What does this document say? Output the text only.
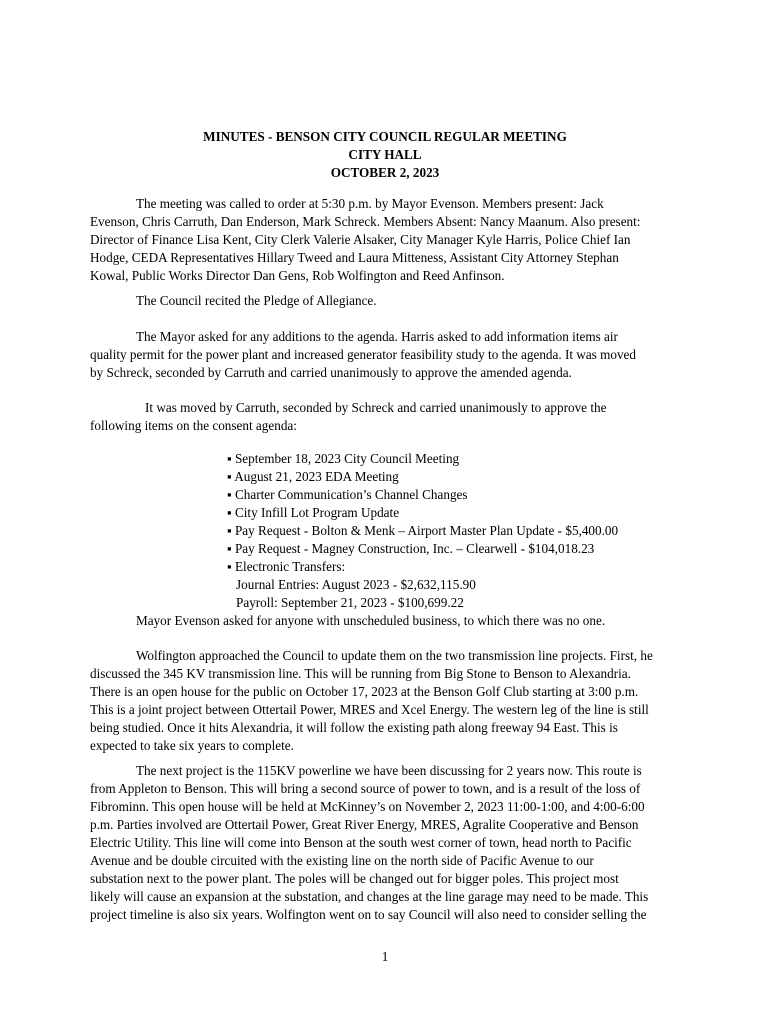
MINUTES - BENSON CITY COUNCIL REGULAR MEETING
CITY HALL
OCTOBER 2, 2023
The meeting was called to order at 5:30 p.m. by Mayor Evenson. Members present: Jack
Evenson, Chris Carruth, Dan Enderson, Mark Schreck. Members Absent: Nancy Maanum. Also present:
Director of Finance Lisa Kent, City Clerk Valerie Alsaker, City Manager Kyle Harris, Police Chief Ian
Hodge, CEDA Representatives Hillary Tweed and Laura Mitteness, Assistant City Attorney Stephan
Kowal, Public Works Director Dan Gens, Rob Wolfington and Reed Anfinson.
The Council recited the Pledge of Allegiance.
The Mayor asked for any additions to the agenda. Harris asked to add information items air
quality permit for the power plant and increased generator feasibility study to the agenda. It was moved
by Schreck, seconded by Carruth and carried unanimously to approve the amended agenda.
It was moved by Carruth, seconded by Schreck and carried unanimously to approve the
following items on the consent agenda:
▪ September 18, 2023 City Council Meeting
▪ August 21, 2023 EDA Meeting
▪ Charter Communication’s Channel Changes
▪ City Infill Lot Program Update
▪ Pay Request - Bolton & Menk – Airport Master Plan Update - $5,400.00
▪ Pay Request - Magney Construction, Inc. – Clearwell - $104,018.23
▪ Electronic Transfers:
Journal Entries: August 2023 - $2,632,115.90
Payroll: September 21, 2023 - $100,699.22
Mayor Evenson asked for anyone with unscheduled business, to which there was no one.
Wolfington approached the Council to update them on the two transmission line projects. First, he
discussed the 345 KV transmission line. This will be running from Big Stone to Benson to Alexandria.
There is an open house for the public on October 17, 2023 at the Benson Golf Club starting at 3:00 p.m.
This is a joint project between Ottertail Power, MRES and Xcel Energy. The western leg of the line is still
being studied. Once it hits Alexandria, it will follow the existing path along freeway 94 East. This is
expected to take six years to complete.
The next project is the 115KV powerline we have been discussing for 2 years now. This route is
from Appleton to Benson. This will bring a second source of power to town, and is a result of the loss of
Fibrominn. This open house will be held at McKinney’s on November 2, 2023 11:00-1:00, and 4:00-6:00
p.m. Parties involved are Ottertail Power, Great River Energy, MRES, Agralite Cooperative and Benson
Electric Utility. This line will come into Benson at the south west corner of town, head north to Pacific
Avenue and be double circuited with the existing line on the north side of Pacific Avenue to our
substation next to the power plant. The poles will be changed out for bigger poles. This project most
likely will cause an expansion at the substation, and changes at the line garage may need to be made. This
project timeline is also six years. Wolfington went on to say Council will also need to consider selling the
1
